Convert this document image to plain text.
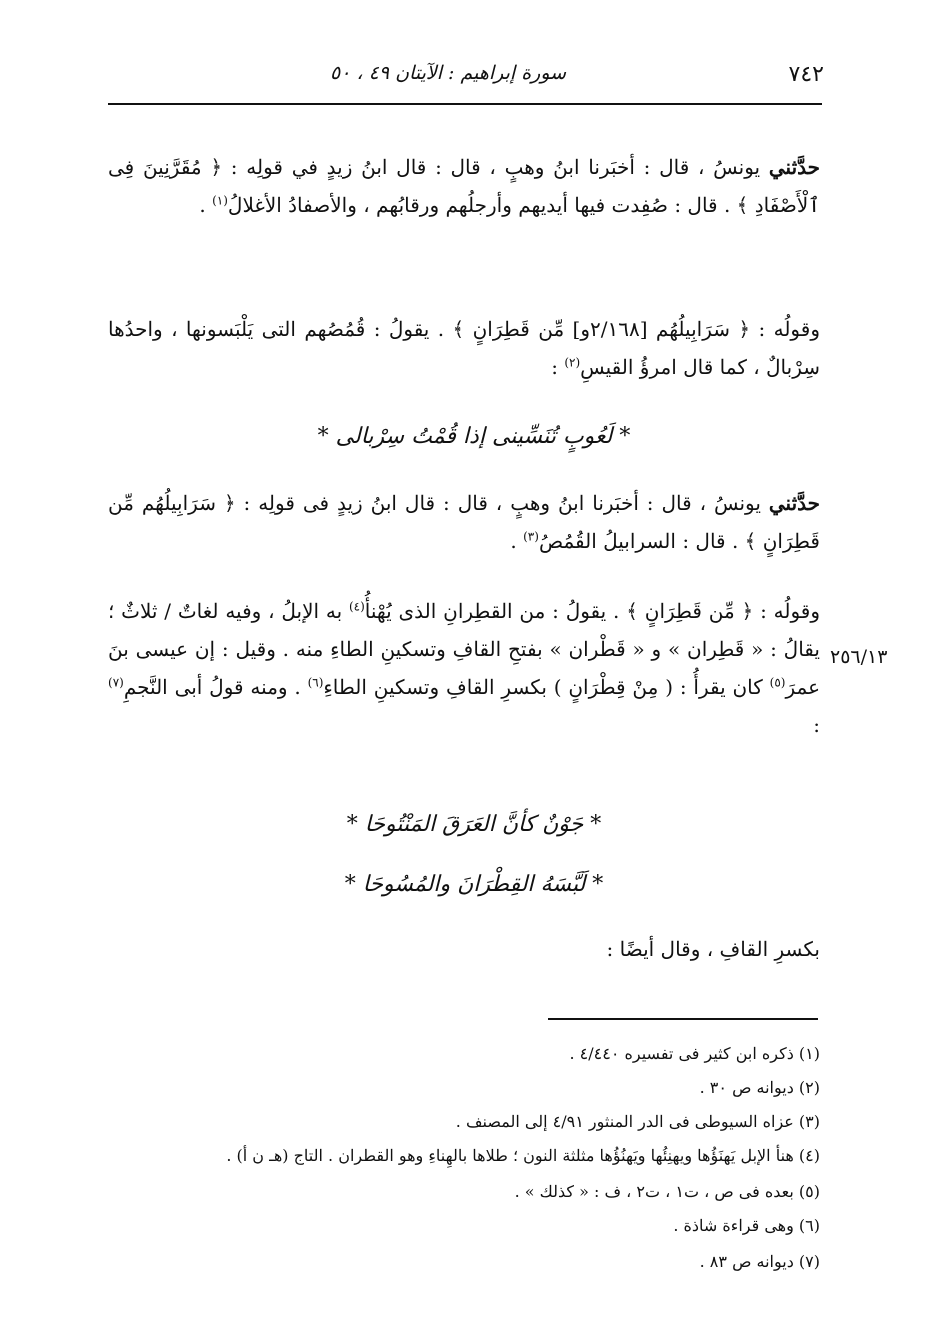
٧٤٢
سورة إبراهيم : الآيتان ٤٩ ، ٥٠
حدَّثني يونسُ ، قال : أخبَرنا ابنُ وهبٍ ، قال : قال ابنُ زيدٍ في قولِه : ﴿ مُقَرَّنِينَ فِى ٱلْأَصْفَادِ ﴾ . قال : صُفِدت فيها أيديهم وأرجلُهم ورقابُهم ، والأصفادُ الأغلالُ$^{(١)}$ .
وقولُه : ﴿ سَرَابِيلُهُم [٢/١٦٨و] مِّن قَطِرَانٍ ﴾ . يقولُ : قُمُصُهم التى يَلْبَسونها ، واحدُها سِرْبالٌ ، كما قال امرؤُ القيسِ$^{(٢)}$ :
* لَعُوبٍ تُنَسِّينى إذا قُمْتُ سِرْبالى *
حدَّثني يونسُ ، قال : أخبَرنا ابنُ وهبٍ ، قال : قال ابنُ زيدٍ فى قولِه : ﴿ سَرَابِيلُهُم مِّن قَطِرَانٍ ﴾ . قال : السرابيلُ القُمُصُ$^{(٣)}$ .
وقولُه : ﴿ مِّن قَطِرَانٍ ﴾ . يقولُ : من القطِرانِ الذى يُهْنأُ$^{(٤)}$ به الإبلُ ، وفيه لغاتٌ / ثلاثٌ ؛ يقالُ : « قَطِران » و « قَطْران » بفتحِ القافِ وتسكينِ الطاءِ منه . وقيل : إن عيسى بنَ عمرَ$^{(٥)}$ كان يقرأُ : ( مِنْ قِطْرَانٍ ) بكسرِ القافِ وتسكينِ الطاءِ$^{(٦)}$ . ومنه قولُ أبى النَّجمِ$^{(٧)}$ :
٢٥٦/١٣
* جَوْنٌ كأنَّ العَرَقَ المَنْتُوحَا *
* لَبَّسَهُ القِطْرَانَ والمُسُوحَا *
بكسرِ القافِ ، وقال أيضًا :
(١) ذكره ابن كثير فى تفسيره ٤/٤٤٠ .
(٢) ديوانه ص ٣٠ .
(٣) عزاه السيوطى فى الدر المنثور ٤/٩١ إلى المصنف .
(٤) هنأ الإبل يَهنَؤُها ويهنِئُها ويَهنُؤُها مثلثة النون ؛ طلاها بالهِناءِ وهو القطران . التاج (هـ ن أ) .
(٥) بعده فى ص ، ت١ ، ت٢ ، ف : « كذلك » .
(٦) وهى قراءة شاذة .
(٧) ديوانه ص ٨٣ .
